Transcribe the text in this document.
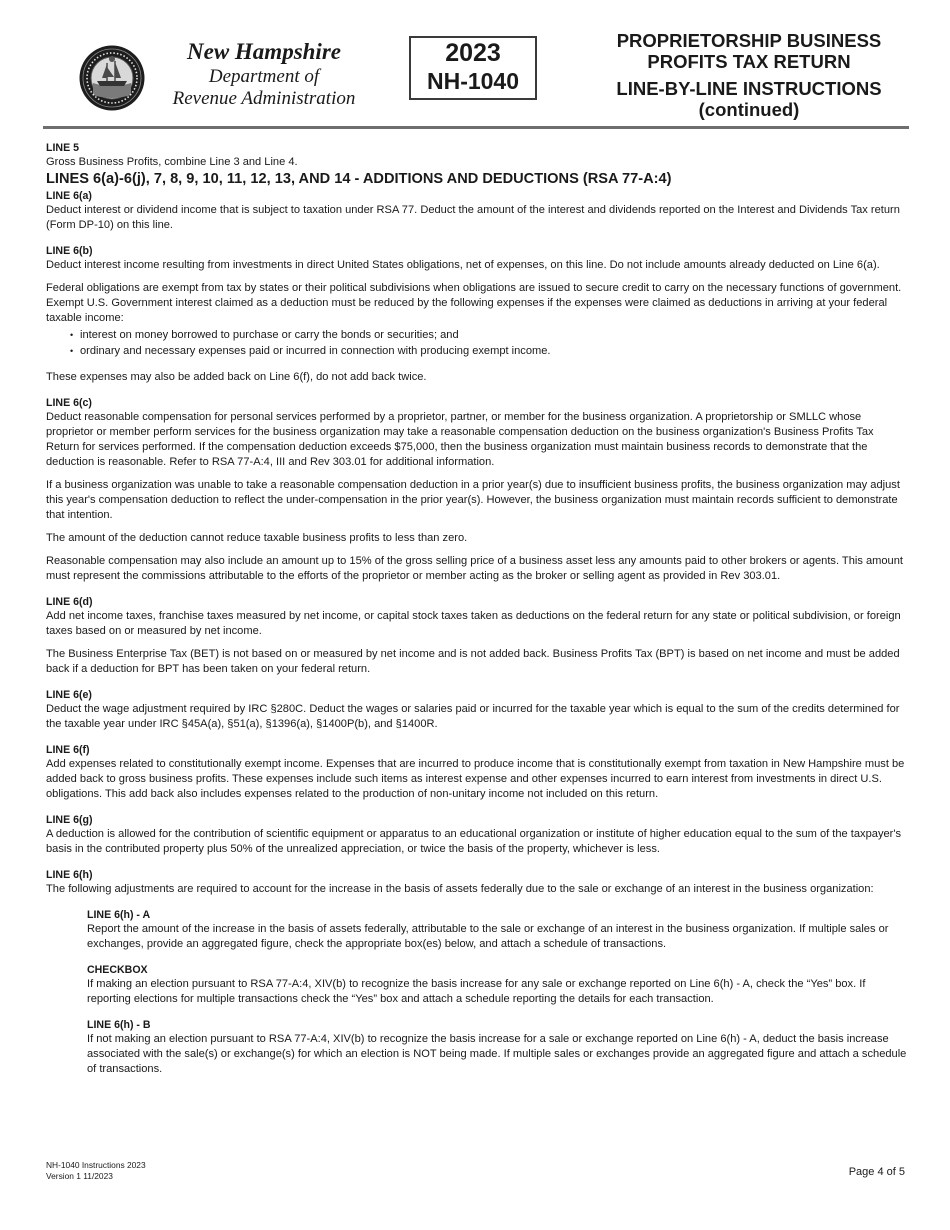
New Hampshire
Department of
Revenue Administration
2023
NH-1040
PROPRIETORSHIP BUSINESS
PROFITS TAX RETURN
LINE-BY-LINE INSTRUCTIONS
(continued)

LINE 5

Gross Business Profits, combine Line 3 and Line 4.

LINES 6(a)-6(j), 7, 8, 9, 10, 11, 12, 13, AND 14 - ADDITIONS AND DEDUCTIONS (RSA 77-A:4)

LINE 6(a)

Deduct interest or dividend income that is subject to taxation under RSA 77. Deduct the amount of the interest and dividends reported on the Interest and Dividends Tax return (Form DP-10) on this line.

LINE 6(b)

Deduct interest income resulting from investments in direct United States obligations, net of expenses, on this line. Do not include amounts already deducted on Line 6(a).

Federal obligations are exempt from tax by states or their political subdivisions when obligations are issued to secure credit to carry on the necessary functions of government. Exempt U.S. Government interest claimed as a deduction must be reduced by the following expenses if the expenses were claimed as deductions in arriving at your federal taxable income:

• interest on money borrowed to purchase or carry the bonds or securities; and
• ordinary and necessary expenses paid or incurred in connection with producing exempt income.

These expenses may also be added back on Line 6(f), do not add back twice.

LINE 6(c)

Deduct reasonable compensation for personal services performed by a proprietor, partner, or member for the business organization. A proprietorship or SMLLC whose proprietor or member perform services for the business organization may take a reasonable compensation deduction on the business organization's Business Profits Tax Return for services performed. If the compensation deduction exceeds $75,000, then the business organization must maintain business records to demonstrate that the deduction is reasonable. Refer to RSA 77-A:4, III and Rev 303.01 for additional information.

If a business organization was unable to take a reasonable compensation deduction in a prior year(s) due to insufficient business profits, the business organization may adjust this year's compensation deduction to reflect the under-compensation in the prior year(s). However, the business organization must maintain records sufficient to demonstrate that intention.

The amount of the deduction cannot reduce taxable business profits to less than zero.

Reasonable compensation may also include an amount up to 15% of the gross selling price of a business asset less any amounts paid to other brokers or agents. This amount must represent the commissions attributable to the efforts of the proprietor or member acting as the broker or selling agent as provided in Rev 303.01.

LINE 6(d)

Add net income taxes, franchise taxes measured by net income, or capital stock taxes taken as deductions on the federal return for any state or political subdivision, or foreign taxes based on or measured by net income.

The Business Enterprise Tax (BET) is not based on or measured by net income and is not added back. Business Profits Tax (BPT) is based on net income and must be added back if a deduction for BPT has been taken on your federal return.

LINE 6(e)

Deduct the wage adjustment required by IRC §280C. Deduct the wages or salaries paid or incurred for the taxable year which is equal to the sum of the credits determined for the taxable year under IRC §45A(a), §51(a), §1396(a), §1400P(b), and §1400R.

LINE 6(f)

Add expenses related to constitutionally exempt income. Expenses that are incurred to produce income that is constitutionally exempt from taxation in New Hampshire must be added back to gross business profits. These expenses include such items as interest expense and other expenses incurred to earn interest from investments in direct U.S. obligations. This add back also includes expenses related to the production of non-unitary income not included on this return.

LINE 6(g)

A deduction is allowed for the contribution of scientific equipment or apparatus to an educational organization or institute of higher education equal to the sum of the taxpayer's basis in the contributed property plus 50% of the unrealized appreciation, or twice the basis of the property, whichever is less.

LINE 6(h)

The following adjustments are required to account for the increase in the basis of assets federally due to the sale or exchange of an interest in the business organization:

LINE 6(h) - A

Report the amount of the increase in the basis of assets federally, attributable to the sale or exchange of an interest in the business organization. If multiple sales or exchanges, provide an aggregated figure, check the appropriate box(es) below, and attach a schedule of transactions.

CHECKBOX

If making an election pursuant to RSA 77-A:4, XIV(b) to recognize the basis increase for any sale or exchange reported on Line 6(h) - A, check the “Yes” box. If reporting elections for multiple transactions check the “Yes” box and attach a schedule reporting the details for each transaction.

LINE 6(h) - B

If not making an election pursuant to RSA 77-A:4, XIV(b) to recognize the basis increase for a sale or exchange reported on Line 6(h) - A, deduct the basis increase associated with the sale(s) or exchange(s) for which an election is NOT being made. If multiple sales or exchanges provide an aggregated figure and attach a schedule of transactions.

NH-1040 Instructions 2023
Version 1 11/2023	Page 4 of 5
